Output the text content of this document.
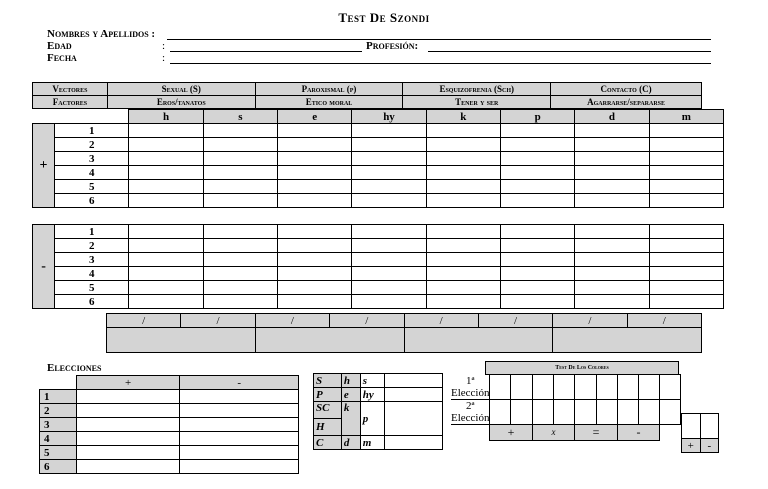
Test De Szondi
Nombres y Apellidos :
Edad	:	Profesión:
Fecha	:
Vectores	Sexual (S)	Paroxismal (p)	Esquizofrenia (Sch)	Contacto (C)
Factores	Eros/tanatos	Etico moral	Tener y ser	Agarrarse/separarse
		h	s	e	hy	k	p	d	m
+	1								
	2								
	3								
	4								
	5								
	6								
-	1								
	2								
	3								
	4								
	5								
	6								
/	/	/	/	/	/	/	/

Elecciones
	+	-
1		
2		
3		
4		
5		
6		
S	h	s	
P	e	hy	
SC	k	p	
H			
C	d	m	
Test De Los Colores
1ª Elección									
2ª Elección									
	+		x		=		-		

+	-
